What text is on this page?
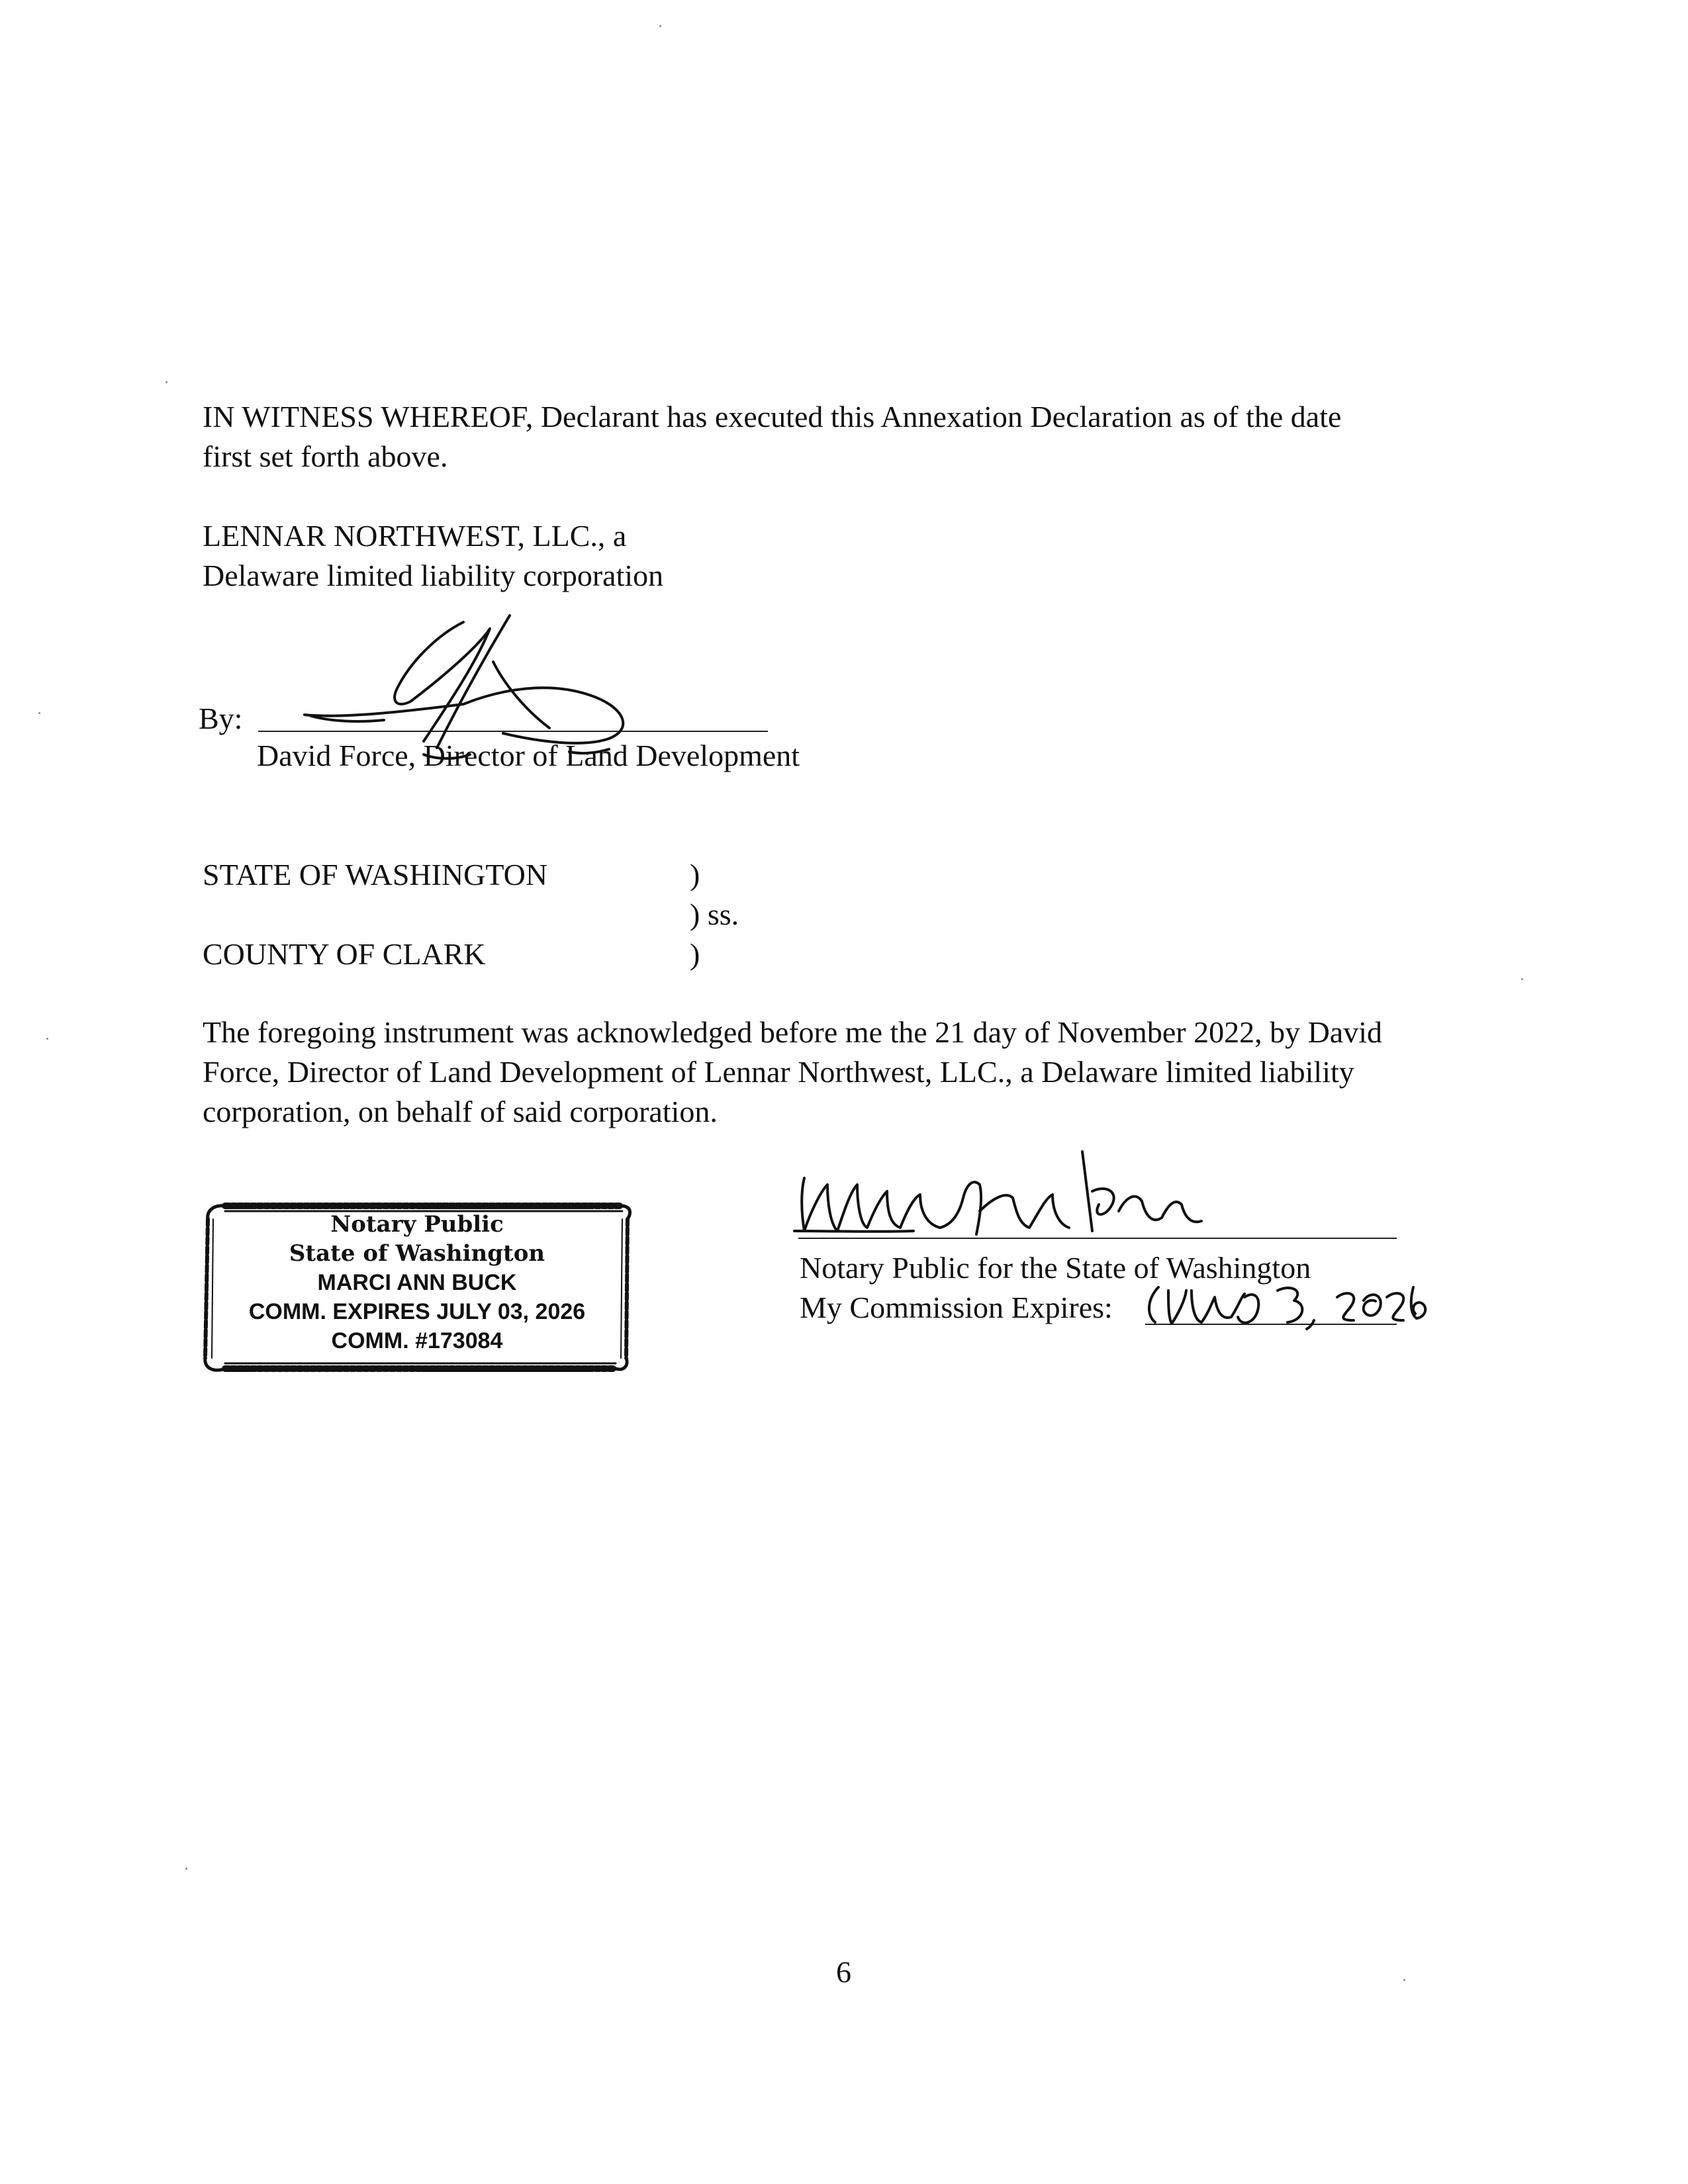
IN WITNESS WHEREOF, Declarant has executed this Annexation Declaration as of the date
first set forth above.
LENNAR NORTHWEST, LLC., a
Delaware limited liability corporation
By:
David Force, Director of Land Development
STATE OF WASHINGTON	)
) ss.
COUNTY OF CLARK	)
The foregoing instrument was acknowledged before me the 21 day of November 2022, by David
Force, Director of Land Development of Lennar Northwest, LLC., a Delaware limited liability
corporation, on behalf of said corporation.
Notary Public
State of Washington
MARCI ANN BUCK
COMM. EXPIRES JULY 03, 2026
COMM. #173084
Notary Public for the State of Washington
My Commission Expires:
6
